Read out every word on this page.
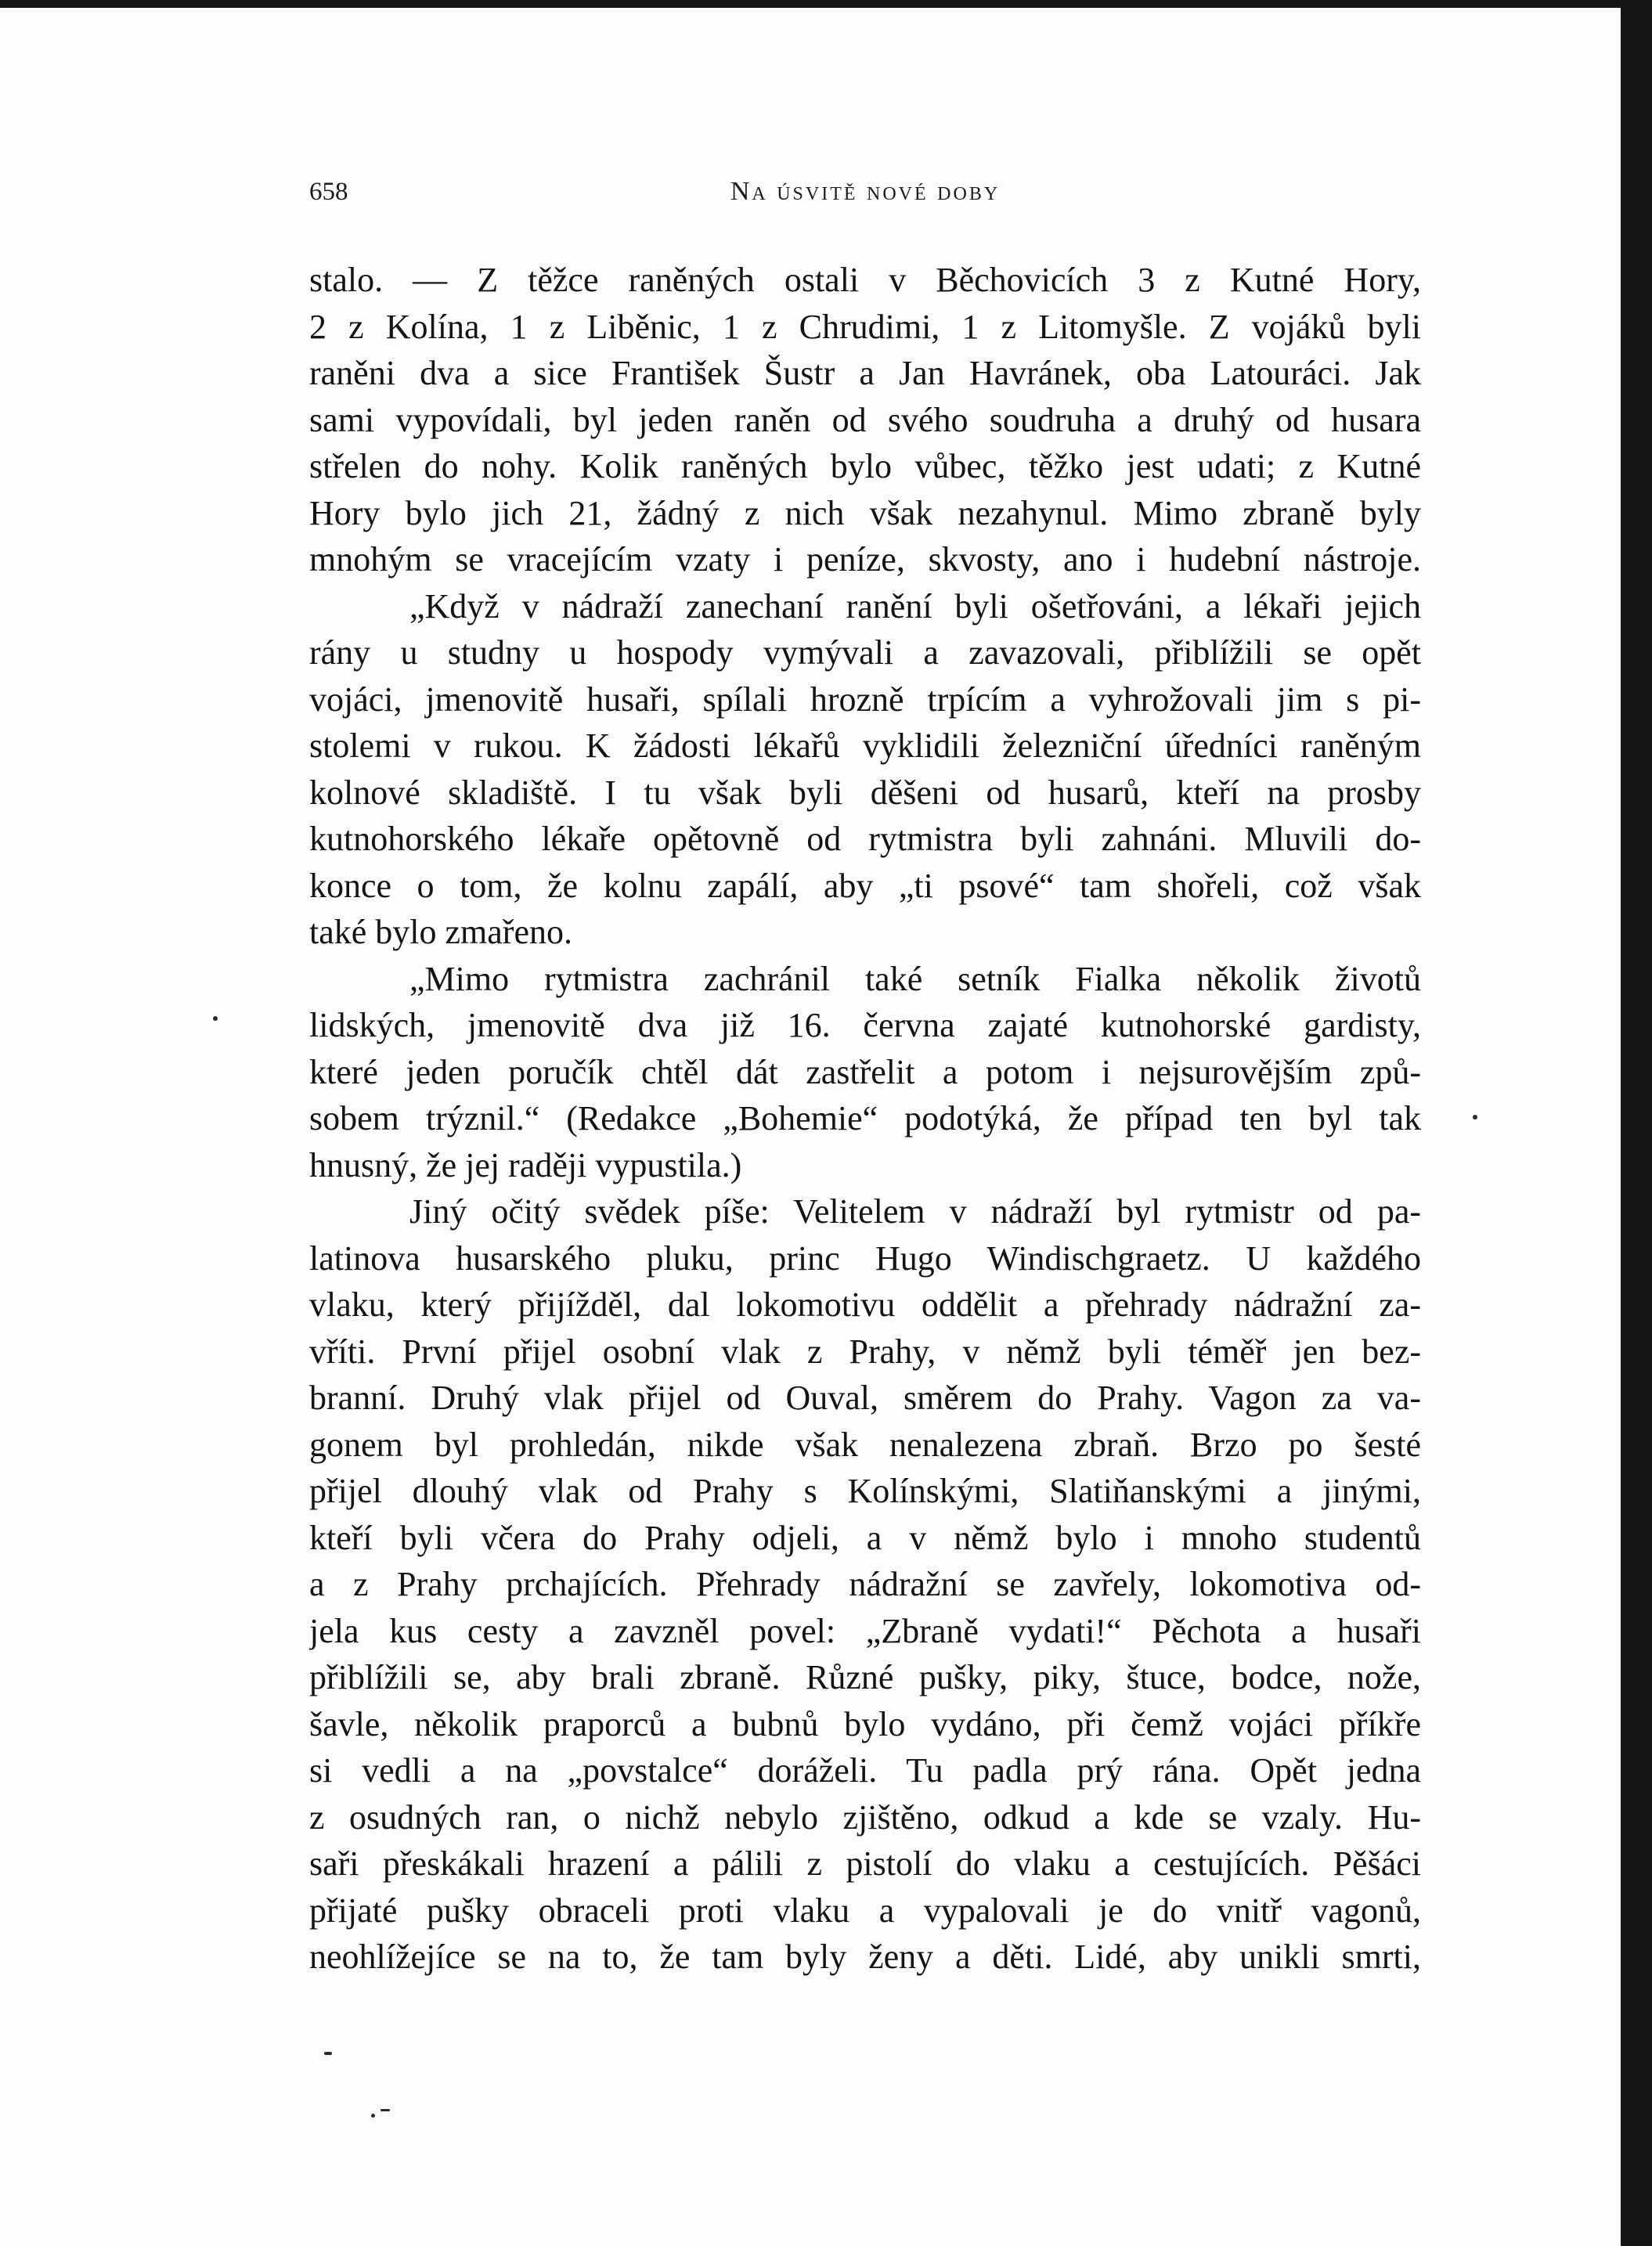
658	Na úsvitě nové doby
stalo. — Z těžce raněných ostali v Běchovicích 3 z Kutné Hory,
2 z Kolína, 1 z Liběnic, 1 z Chrudimi, 1 z Litomyšle. Z vojáků byli
raněni dva a sice František Šustr a Jan Havránek, oba Latouráci. Jak
sami vypovídali, byl jeden raněn od svého soudruha a druhý od husara
střelen do nohy. Kolik raněných bylo vůbec, těžko jest udati; z Kutné
Hory bylo jich 21, žádný z nich však nezahynul. Mimo zbraně byly
mnohým se vracejícím vzaty i peníze, skvosty, ano i hudební nástroje.
„Když v nádraží zanechaní ranění byli ošetřováni, a lékaři jejich
rány u studny u hospody vymývali a zavazovali, přiblížili se opět
vojáci, jmenovitě husaři, spílali hrozně trpícím a vyhrožovali jim s pi-
stolemi v rukou. K žádosti lékařů vyklidili železniční úředníci raněným
kolnové skladiště. I tu však byli děšeni od husarů, kteří na prosby
kutnohorského lékaře opětovně od rytmistra byli zahnáni. Mluvili do-
konce o tom, že kolnu zapálí, aby „ti psové“ tam shořeli, což však
také bylo zmařeno.
„Mimo rytmistra zachránil také setník Fialka několik životů
lidských, jmenovitě dva již 16. června zajaté kutnohorské gardisty,
které jeden poručík chtěl dát zastřelit a potom i nejsurovějším způ-
sobem trýznil.“ (Redakce „Bohemie“ podotýká, že případ ten byl tak
hnusný, že jej raději vypustila.)
Jiný očitý svědek píše: Velitelem v nádraží byl rytmistr od pa-
latinova husarského pluku, princ Hugo Windischgraetz. U každého
vlaku, který přijížděl, dal lokomotivu oddělit a přehrady nádražní za-
vříti. První přijel osobní vlak z Prahy, v němž byli téměř jen bez-
branní. Druhý vlak přijel od Ouval, směrem do Prahy. Vagon za va-
gonem byl prohledán, nikde však nenalezena zbraň. Brzo po šesté
přijel dlouhý vlak od Prahy s Kolínskými, Slatiňanskými a jinými,
kteří byli včera do Prahy odjeli, a v němž bylo i mnoho studentů
a z Prahy prchajících. Přehrady nádražní se zavřely, lokomotiva od-
jela kus cesty a zavzněl povel: „Zbraně vydati!“ Pěchota a husaři
přiblížili se, aby brali zbraně. Různé pušky, piky, štuce, bodce, nože,
šavle, několik praporců a bubnů bylo vydáno, při čemž vojáci příkře
si vedli a na „povstalce“ doráželi. Tu padla prý rána. Opět jedna
z osudných ran, o nichž nebylo zjištěno, odkud a kde se vzaly. Hu-
saři přeskákali hrazení a pálili z pistolí do vlaku a cestujících. Pěšáci
přijaté pušky obraceli proti vlaku a vypalovali je do vnitř vagonů,
neohlížejíce se na to, že tam byly ženy a děti. Lidé, aby unikli smrti,
